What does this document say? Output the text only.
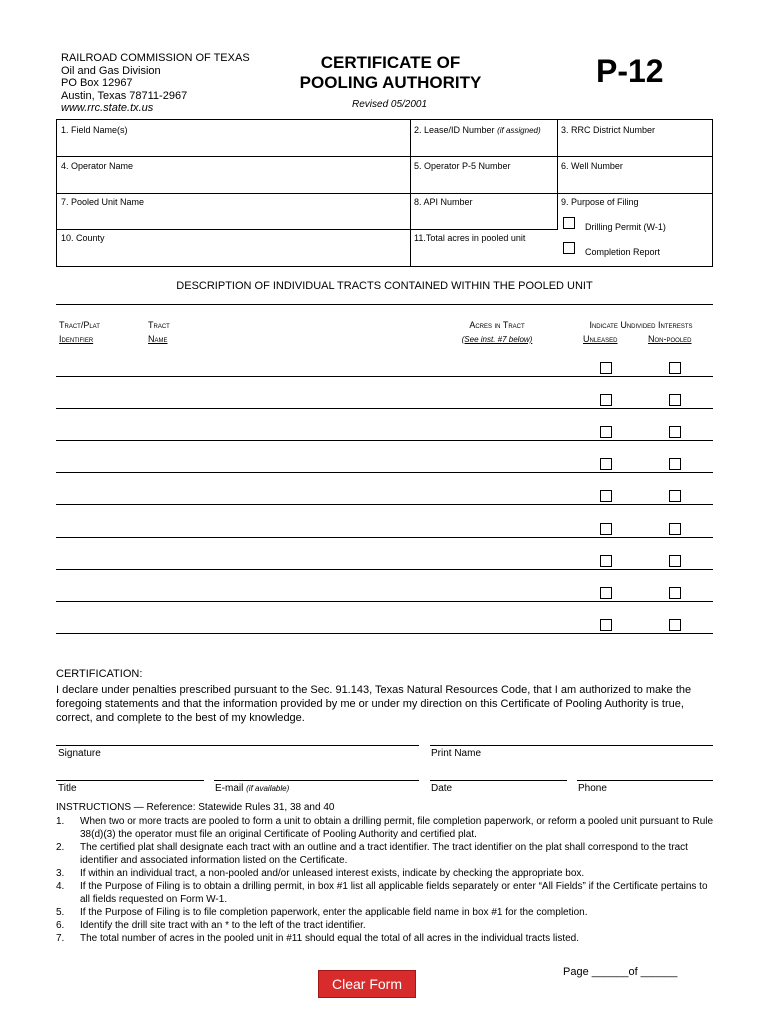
RAILROAD COMMISSION OF TEXAS
Oil and Gas Division
PO Box 12967
Austin, Texas 78711-2967
www.rrc.state.tx.us
CERTIFICATE OF
POOLING AUTHORITY
Revised 05/2001
P-12
1. Field Name(s)	2. Lease/ID Number (if assigned) 3. RRC District Number
4. Operator Name	5. Operator P-5 Number	6. Well Number
7. Pooled Unit Name	8. API Number	9. Purpose of Filing
Drilling Permit (W-1)
Completion Report
10. County	11.Total acres in pooled unit
DESCRIPTION OF INDIVIDUAL TRACTS CONTAINED WITHIN THE POOLED UNIT
Tract/Plat
Identifier
Tract
Name
Acres in Tract
(See inst. #7 below)
Indicate Undivided Interests
Unleased	Non-pooled
CERTIFICATION:
I declare under penalties prescribed pursuant to the Sec. 91.143, Texas Natural Resources Code, that I am authorized to make the foregoing statements and that the information provided by me or under my direction on this Certificate of Pooling Authority is true, correct, and complete to the best of my knowledge.
Signature	Print Name
Title	E-mail (if available)	Date	Phone
INSTRUCTIONS — Reference: Statewide Rules 31, 38 and 40
1. When two or more tracts are pooled to form a unit to obtain a drilling permit, file completion paperwork, or reform a pooled unit pursuant to Rule 38(d)(3) the operator must file an original Certificate of Pooling Authority and certified plat.
2. The certified plat shall designate each tract with an outline and a tract identifier. The tract identifier on the plat shall correspond to the tract identifier and associated information listed on the Certificate.
3. If within an individual tract, a non-pooled and/or unleased interest exists, indicate by checking the appropriate box.
4. If the Purpose of Filing is to obtain a drilling permit, in box #1 list all applicable fields separately or enter “All Fields” if the Certificate pertains to all fields requested on Form W-1.
5. If the Purpose of Filing is to file completion paperwork, enter the applicable field name in box #1 for the completion.
6. Identify the drill site tract with an * to the left of the tract identifier.
7. The total number of acres in the pooled unit in #11 should equal the total of all acres in the individual tracts listed.
Page ______of ______
Clear Form
